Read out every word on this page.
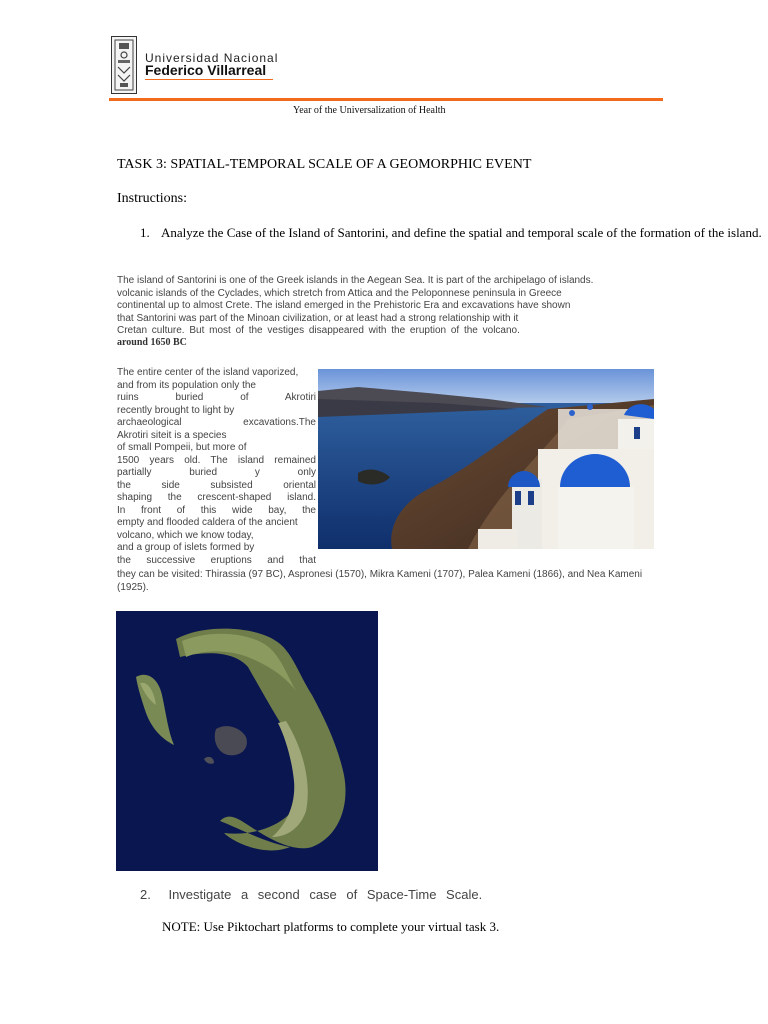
Universidad Nacional
Federico Villarreal
Year of the Universalization of Health
TASK 3: SPATIAL-TEMPORAL SCALE OF A GEOMORPHIC EVENT
Instructions:
1. Analyze the Case of the Island of Santorini, and define the spatial and temporal scale of the formation of the island.
The island of Santorini is one of the Greek islands in the Aegean Sea. It is part of the archipelago of islands.
volcanic islands of the Cyclades, which stretch from Attica and the Peloponnese peninsula in Greece
continental up to almost Crete. The island emerged in the Prehistoric Era and excavations have shown
that Santorini was part of the Minoan civilization, or at least had a strong relationship with it
Cretan culture. But most of the vestiges disappeared with the eruption of the volcano.
around 1650 BC
The entire center of the island vaporized,
and from its population only the
ruins buried of Akrotiri
recently brought to light by
archaeological excavations.The
Akrotiri siteit is a species
of small Pompeii, but more of
1500 years old. The island remained
partially buried y only
the side subsisted oriental
shaping the crescent-shaped island.
In front of this wide bay, the
empty and flooded caldera of the ancient
volcano, which we know today,
and a group of islets formed by
the successive eruptions and that
they can be visited: Thirassia (97 BC), Aspronesi (1570), Mikra Kameni (1707), Palea Kameni (1866), and Nea Kameni (1925).
2. Investigate a second case of Space-Time Scale.
NOTE: Use Piktochart platforms to complete your virtual task 3.
